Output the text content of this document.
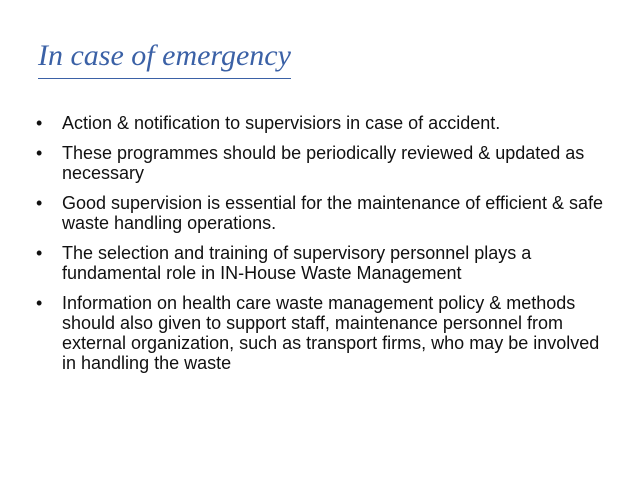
In case of emergency
•	Action & notification to supervisiors in case of accident.
•	These programmes should be periodically reviewed & updated as necessary
•	Good supervision is essential for the maintenance of efficient & safe waste handling operations.
•	The selection and training of supervisory personnel plays a fundamental role in IN-House Waste Management
•	Information on health care waste management policy & methods should also given to support staff, maintenance personnel from external organization, such as transport firms, who may be involved in handling the waste
